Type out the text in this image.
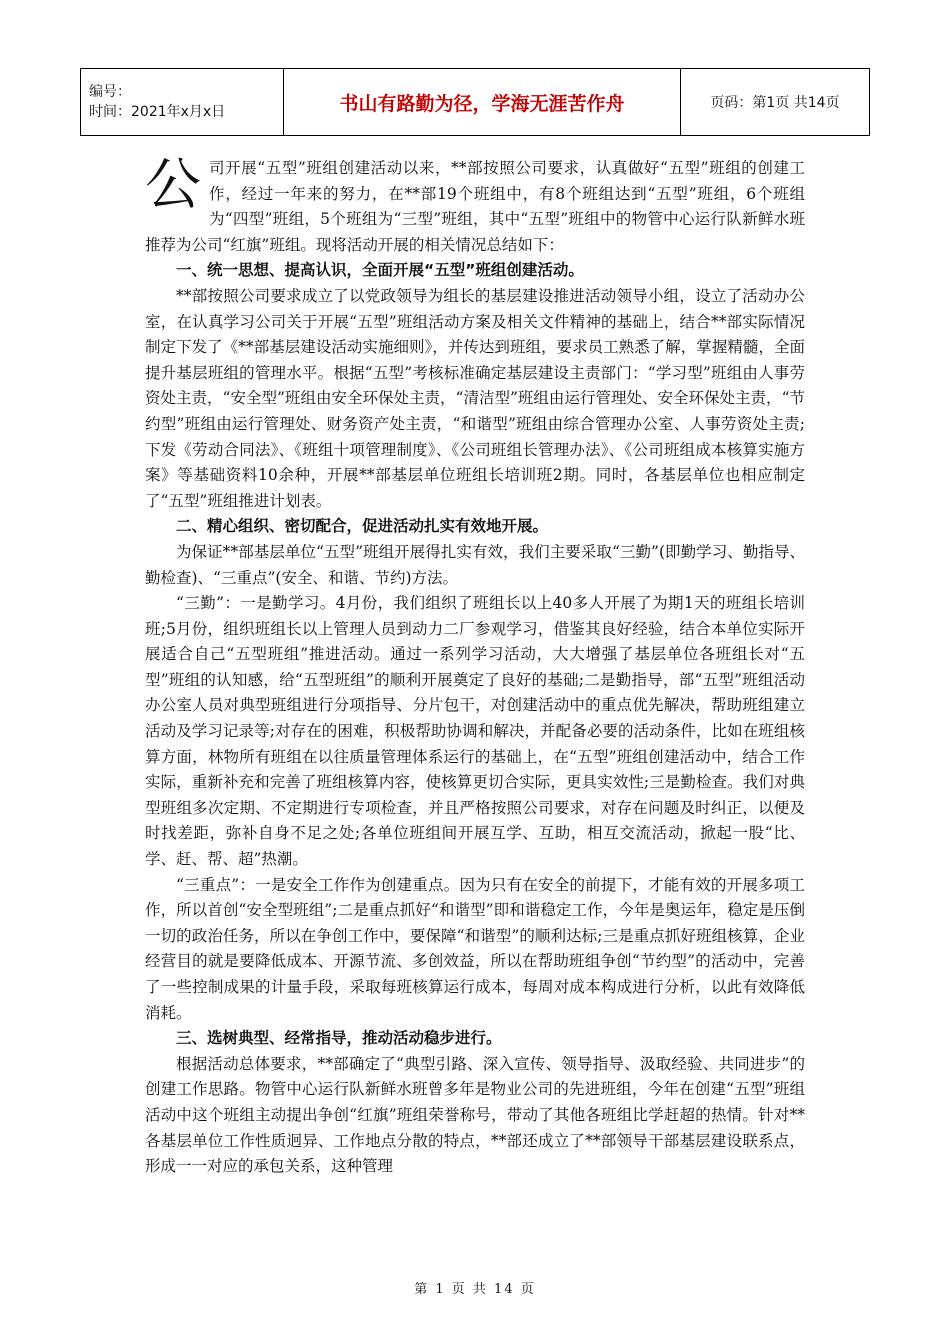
编号：
时间：2021年x月x日	书山有路勤为径，学海无涯苦作舟	页码：第1页 共14页

公司开展“五型”班组创建活动以来，**部按照公司要求，认真做好“五型”班组的创建工作，经过一年来的努力，在**部19个班组中，有8个班组达到“五型”班组，6个班组为“四型”班组，5个班组为“三型”班组，其中“五型”班组中的物管中心运行队新鲜水班推荐为公司“红旗”班组。现将活动开展的相关情况总结如下：

一、统一思想、提高认识，全面开展“五型”班组创建活动。

**部按照公司要求成立了以党政领导为组长的基层建设推进活动领导小组，设立了活动办公室，在认真学习公司关于开展“五型”班组活动方案及相关文件精神的基础上，结合**部实际情况制定下发了《**部基层建设活动实施细则》，并传达到班组，要求员工熟悉了解，掌握精髓，全面提升基层班组的管理水平。根据“五型”考核标准确定基层建设主责部门：“学习型”班组由人事劳资处主责，“安全型”班组由安全环保处主责，“清洁型”班组由运行管理处、安全环保处主责，“节约型”班组由运行管理处、财务资产处主责，“和谐型”班组由综合管理办公室、人事劳资处主责;下发《劳动合同法》、《班组十项管理制度》、《公司班组长管理办法》、《公司班组成本核算实施方案》等基础资料10余种，开展**部基层单位班组长培训班2期。同时，各基层单位也相应制定了“五型”班组推进计划表。

二、精心组织、密切配合，促进活动扎实有效地开展。

为保证**部基层单位“五型”班组开展得扎实有效，我们主要采取“三勤”(即勤学习、勤指导、勤检查)、“三重点”(安全、和谐、节约)方法。

“三勤”：一是勤学习。4月份，我们组织了班组长以上40多人开展了为期1天的班组长培训班;5月份，组织班组长以上管理人员到动力二厂参观学习，借鉴其良好经验，结合本单位实际开展适合自己“五型班组”推进活动。通过一系列学习活动，大大增强了基层单位各班组长对“五型”班组的认知感，给“五型班组”的顺利开展奠定了良好的基础;二是勤指导，部“五型”班组活动办公室人员对典型班组进行分项指导、分片包干，对创建活动中的重点优先解决，帮助班组建立活动及学习记录等;对存在的困难，积极帮助协调和解决，并配备必要的活动条件，比如在班组核算方面，林物所有班组在以往质量管理体系运行的基础上，在“五型”班组创建活动中，结合工作实际，重新补充和完善了班组核算内容，使核算更切合实际，更具实效性;三是勤检查。我们对典型班组多次定期、不定期进行专项检查，并且严格按照公司要求，对存在问题及时纠正，以便及时找差距，弥补自身不足之处;各单位班组间开展互学、互助，相互交流活动，掀起一股“比、学、赶、帮、超”热潮。

“三重点”：一是安全工作作为创建重点。因为只有在安全的前提下，才能有效的开展多项工作，所以首创“安全型班组”;二是重点抓好“和谐型”即和谐稳定工作，今年是奥运年，稳定是压倒一切的政治任务，所以在争创工作中，要保障“和谐型”的顺利达标;三是重点抓好班组核算，企业经营目的就是要降低成本、开源节流、多创效益，所以在帮助班组争创“节约型”的活动中，完善了一些控制成果的计量手段，采取每班核算运行成本，每周对成本构成进行分析，以此有效降低消耗。

三、选树典型、经常指导，推动活动稳步进行。

根据活动总体要求，**部确定了“典型引路、深入宣传、领导指导、汲取经验、共同进步”的创建工作思路。物管中心运行队新鲜水班曾多年是物业公司的先进班组，今年在创建“五型”班组活动中这个班组主动提出争创“红旗”班组荣誉称号，带动了其他各班组比学赶超的热情。针对**各基层单位工作性质迥异、工作地点分散的特点，**部还成立了**部领导干部基层建设联系点，形成一一对应的承包关系，这种管理

第 1 页 共 14 页
